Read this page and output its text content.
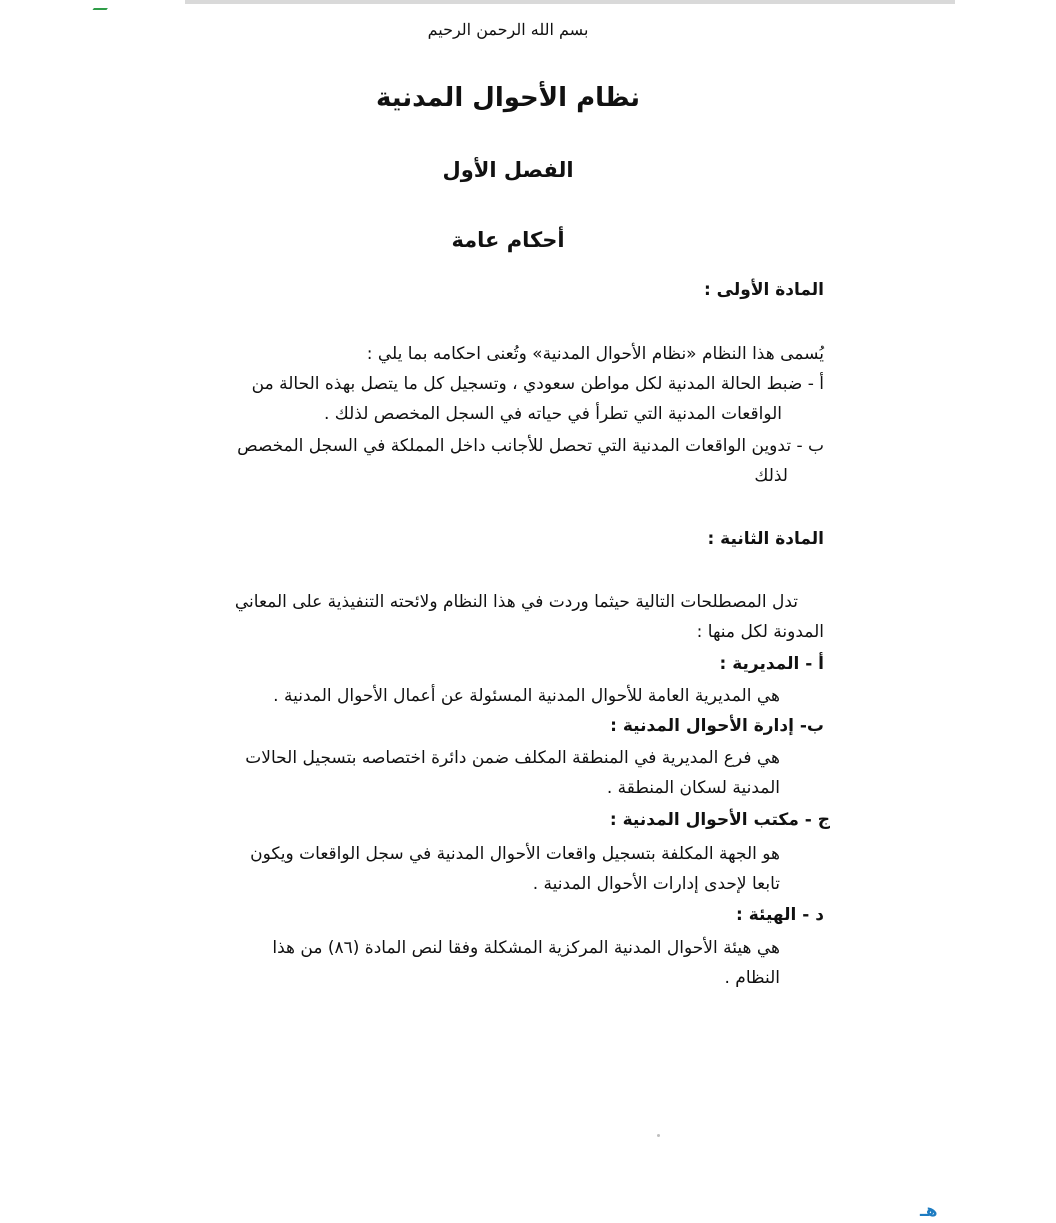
بسم الله الرحمن الرحيم
نظام الأحوال المدنية
الفصل الأول
أحكام عامة
المادة الأولى :
يُسمى هذا النظام «نظام الأحوال المدنية» وتُعنى احكامه بما يلي :
أ - ضبط الحالة المدنية لكل مواطن سعودي ، وتسجيل كل ما يتصل بهذه الحالة من
الواقعات المدنية التي تطرأ في حياته في السجل المخصص لذلك .
ب - تدوين الواقعات المدنية التي تحصل للأجانب داخل المملكة في السجل المخصص
لذلك
المادة الثانية :
تدل المصطلحات التالية حيثما وردت في هذا النظام ولائحته التنفيذية على المعاني
المدونة لكل منها :
أ - المديرية :
هي المديرية العامة للأحوال المدنية المسئولة عن أعمال الأحوال المدنية .
ب- إدارة الأحوال المدنية :
هي فرع المديرية في المنطقة المكلف ضمن دائرة اختصاصه بتسجيل الحالات
المدنية لسكان المنطقة .
ج - مكتب الأحوال المدنية :
هو الجهة المكلفة بتسجيل واقعات الأحوال المدنية في سجل الواقعات ويكون
تابعا لإحدى إدارات الأحوال المدنية .
د - الهيئة :
هي هيئة الأحوال المدنية المركزية المشكلة وفقا لنص المادة (٨٦) من هذا
النظام .
هـ
